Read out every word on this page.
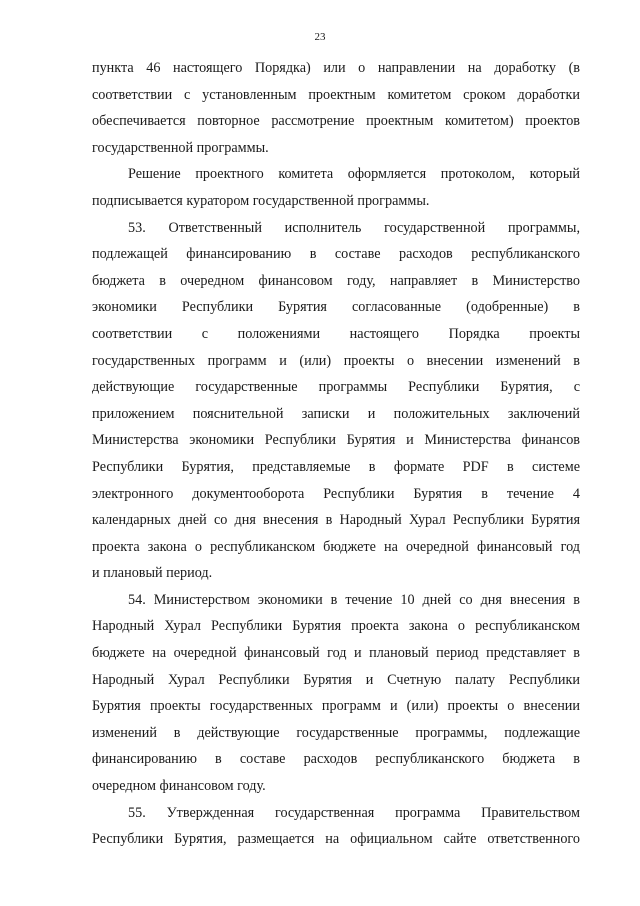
23
пункта 46 настоящего Порядка) или о направлении на доработку (в
соответствии с установленным проектным комитетом сроком доработки
обеспечивается повторное рассмотрение проектным комитетом) проектов
государственной программы.
Решение проектного комитета оформляется протоколом, который
подписывается куратором государственной программы.
53. Ответственный исполнитель государственной программы,
подлежащей финансированию в составе расходов республиканского
бюджета в очередном финансовом году, направляет в Министерство
экономики Республики Бурятия согласованные (одобренные) в
соответствии с положениями настоящего Порядка проекты
государственных программ и (или) проекты о внесении изменений в
действующие государственные программы Республики Бурятия, с
приложением пояснительной записки и положительных заключений
Министерства экономики Республики Бурятия и Министерства финансов
Республики Бурятия, представляемые в формате PDF в системе
электронного документооборота Республики Бурятия в течение 4
календарных дней со дня внесения в Народный Хурал Республики Бурятия
проекта закона о республиканском бюджете на очередной финансовый год
и плановый период.
54. Министерством экономики в течение 10 дней со дня внесения в
Народный Хурал Республики Бурятия проекта закона о республиканском
бюджете на очередной финансовый год и плановый период представляет в
Народный Хурал Республики Бурятия и Счетную палату Республики
Бурятия проекты государственных программ и (или) проекты о внесении
изменений в действующие государственные программы, подлежащие
финансированию в составе расходов республиканского бюджета в
очередном финансовом году.
55. Утвержденная государственная программа Правительством
Республики Бурятия, размещается на официальном сайте ответственного
